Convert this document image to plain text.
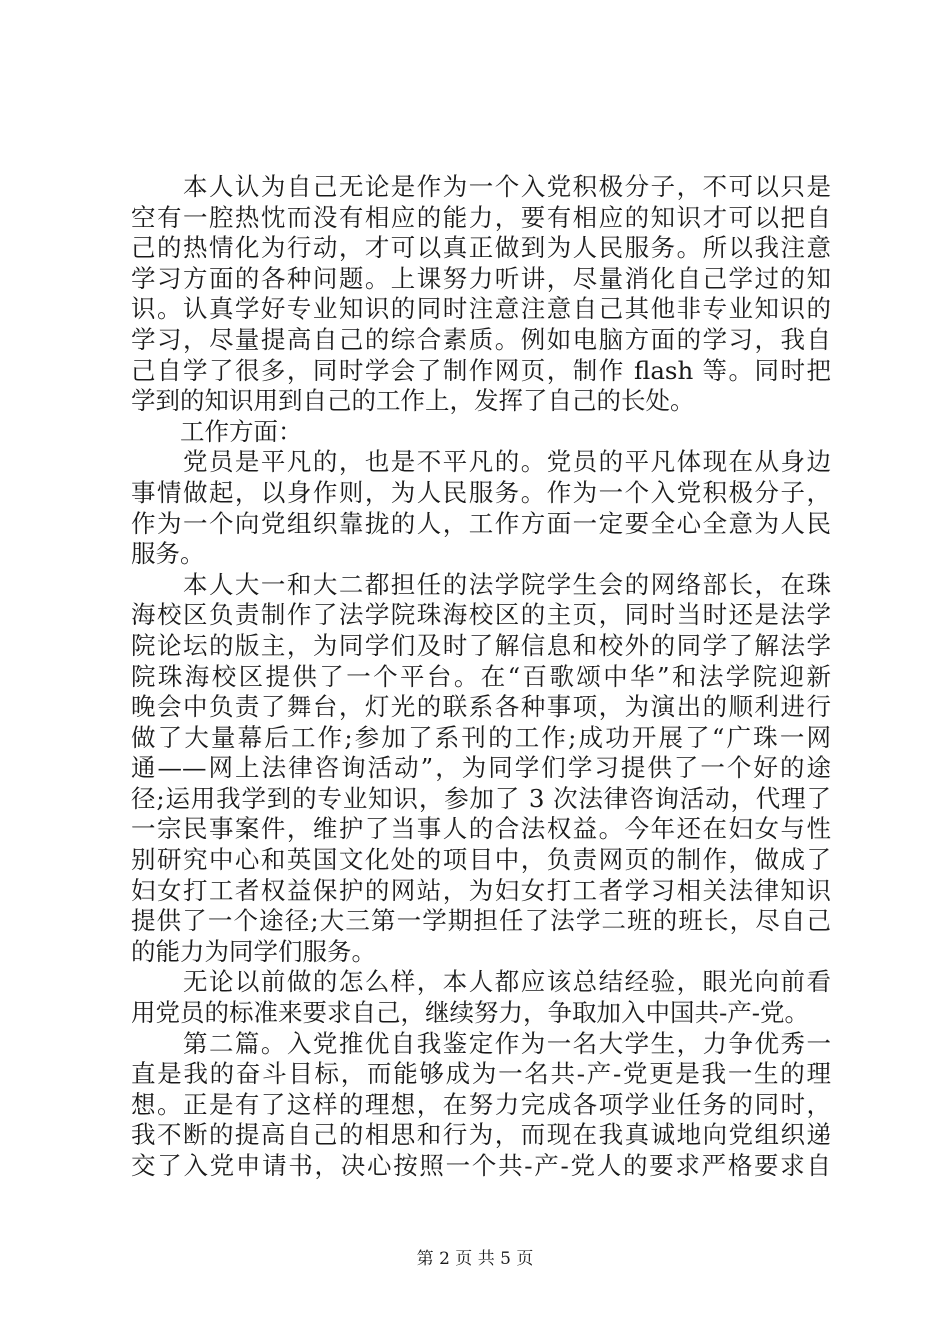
　　本人认为自己无论是作为一个入党积极分子，不可以只是
空有一腔热忱而没有相应的能力，要有相应的知识才可以把自
己的热情化为行动，才可以真正做到为人民服务。所以我注意
学习方面的各种问题。上课努力听讲，尽量消化自己学过的知
识。认真学好专业知识的同时注意注意自己其他非专业知识的
学习，尽量提高自己的综合素质。例如电脑方面的学习，我自
己自学了很多，同时学会了制作网页，制作 flash 等。同时把
学到的知识用到自己的工作上，发挥了自己的长处。
　　工作方面：
　　党员是平凡的，也是不平凡的。党员的平凡体现在从身边
事情做起，以身作则，为人民服务。作为一个入党积极分子，
作为一个向党组织靠拢的人，工作方面一定要全心全意为人民
服务。
　　本人大一和大二都担任的法学院学生会的网络部长，在珠
海校区负责制作了法学院珠海校区的主页，同时当时还是法学
院论坛的版主，为同学们及时了解信息和校外的同学了解法学
院珠海校区提供了一个平台。在“百歌颂中华”和法学院迎新
晚会中负责了舞台，灯光的联系各种事项，为演出的顺利进行
做了大量幕后工作;参加了系刊的工作;成功开展了“广珠一网
通——网上法律咨询活动”，为同学们学习提供了一个好的途
径;运用我学到的专业知识，参加了 3 次法律咨询活动，代理了
一宗民事案件，维护了当事人的合法权益。今年还在妇女与性
别研究中心和英国文化处的项目中，负责网页的制作，做成了
妇女打工者权益保护的网站，为妇女打工者学习相关法律知识
提供了一个途径;大三第一学期担任了法学二班的班长，尽自己
的能力为同学们服务。
　　无论以前做的怎么样，本人都应该总结经验，眼光向前看
用党员的标准来要求自己，继续努力，争取加入中国共-产-党。
　　第二篇。入党推优自我鉴定作为一名大学生，力争优秀一
直是我的奋斗目标，而能够成为一名共-产-党更是我一生的理
想。正是有了这样的理想，在努力完成各项学业任务的同时，
我不断的提高自己的相思和行为，而现在我真诚地向党组织递
交了入党申请书，决心按照一个共-产-党人的要求严格要求自
第 2 页 共 5 页
